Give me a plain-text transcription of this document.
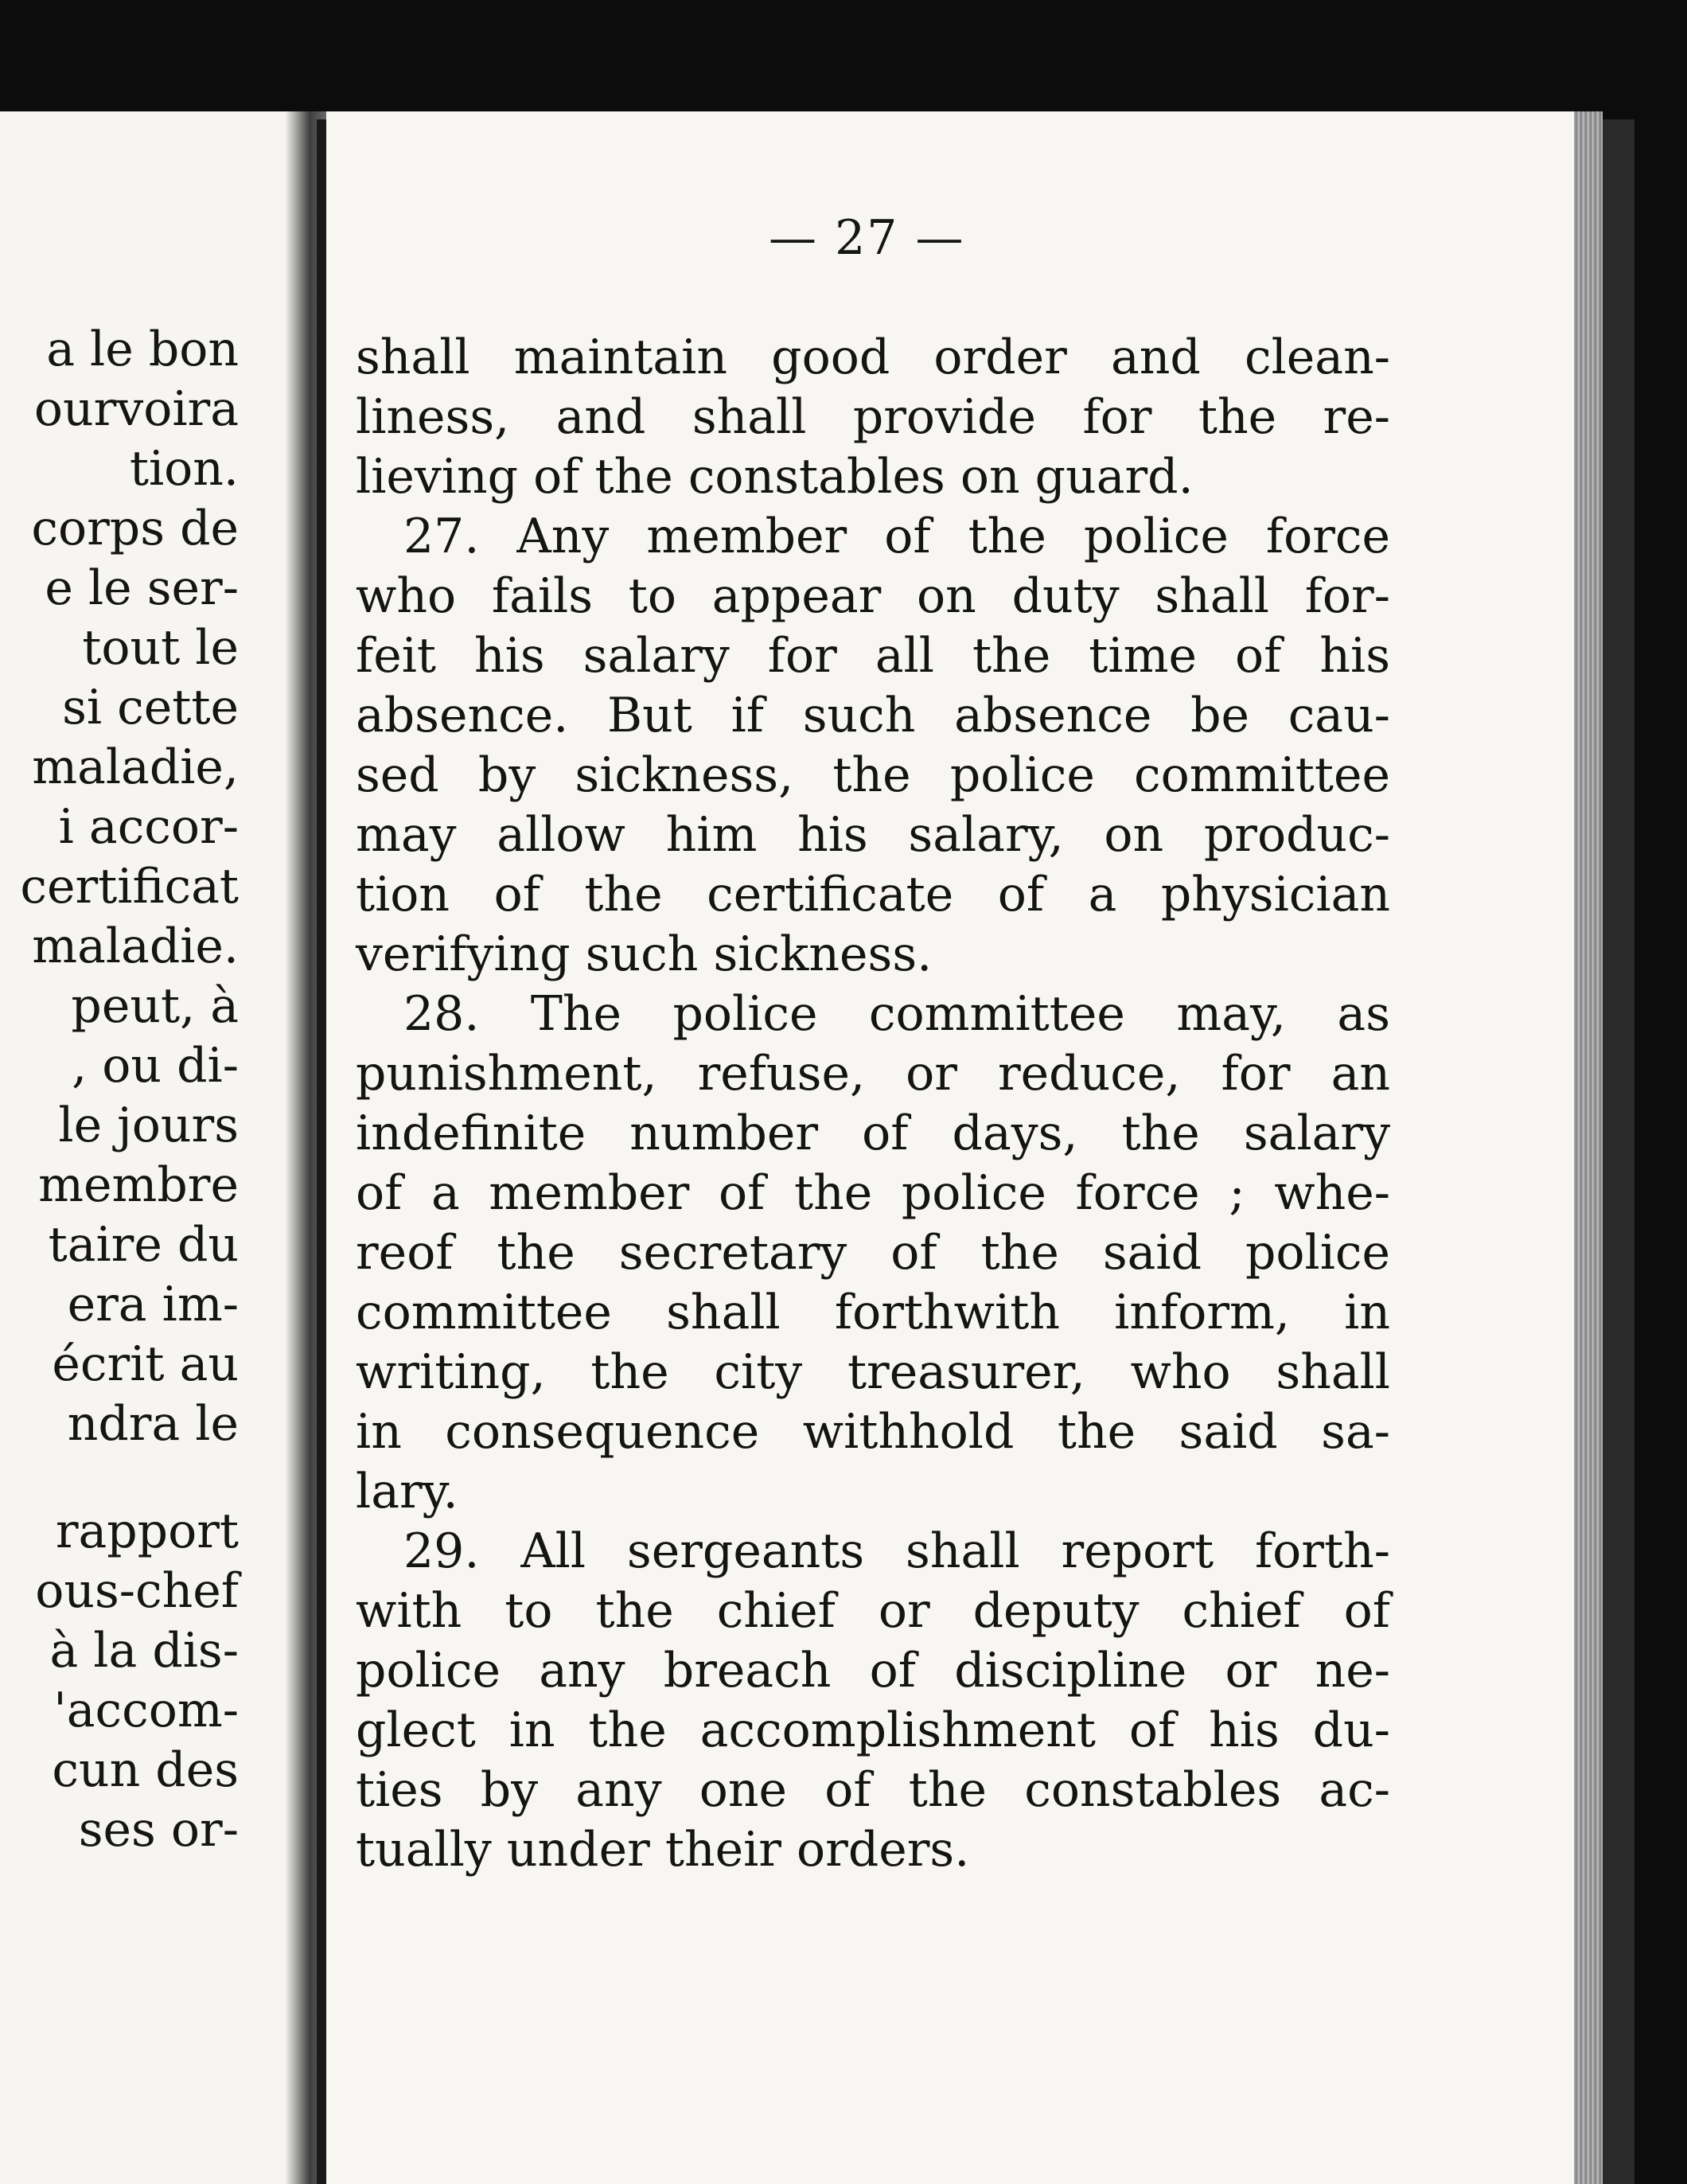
a le bon
ourvoira
tion.
corps de
e le ser-
tout le
si cette
maladie,
i accor-
certificat
maladie.
peut, à
, ou di-
le jours
membre
taire du
era im-
écrit au
ndra le
rapport
ous-chef
à la dis-
'accom-
cun des
ses or-
— 27 —
shall maintain good order and clean-
liness, and shall provide for the re-
lieving of the constables on guard.
27. Any member of the police force
who fails to appear on duty shall for-
feit his salary for all the time of his
absence. But if such absence be cau-
sed by sickness, the police committee
may allow him his salary, on produc-
tion of the certificate of a physician
verifying such sickness.
28. The police committee may, as
punishment, refuse, or reduce, for an
indefinite number of days, the salary
of a member of the police force ; whe-
reof the secretary of the said police
committee shall forthwith inform, in
writing, the city treasurer, who shall
in consequence withhold the said sa-
lary.
29. All sergeants shall report forth-
with to the chief or deputy chief of
police any breach of discipline or ne-
glect in the accomplishment of his du-
ties by any one of the constables ac-
tually under their orders.
